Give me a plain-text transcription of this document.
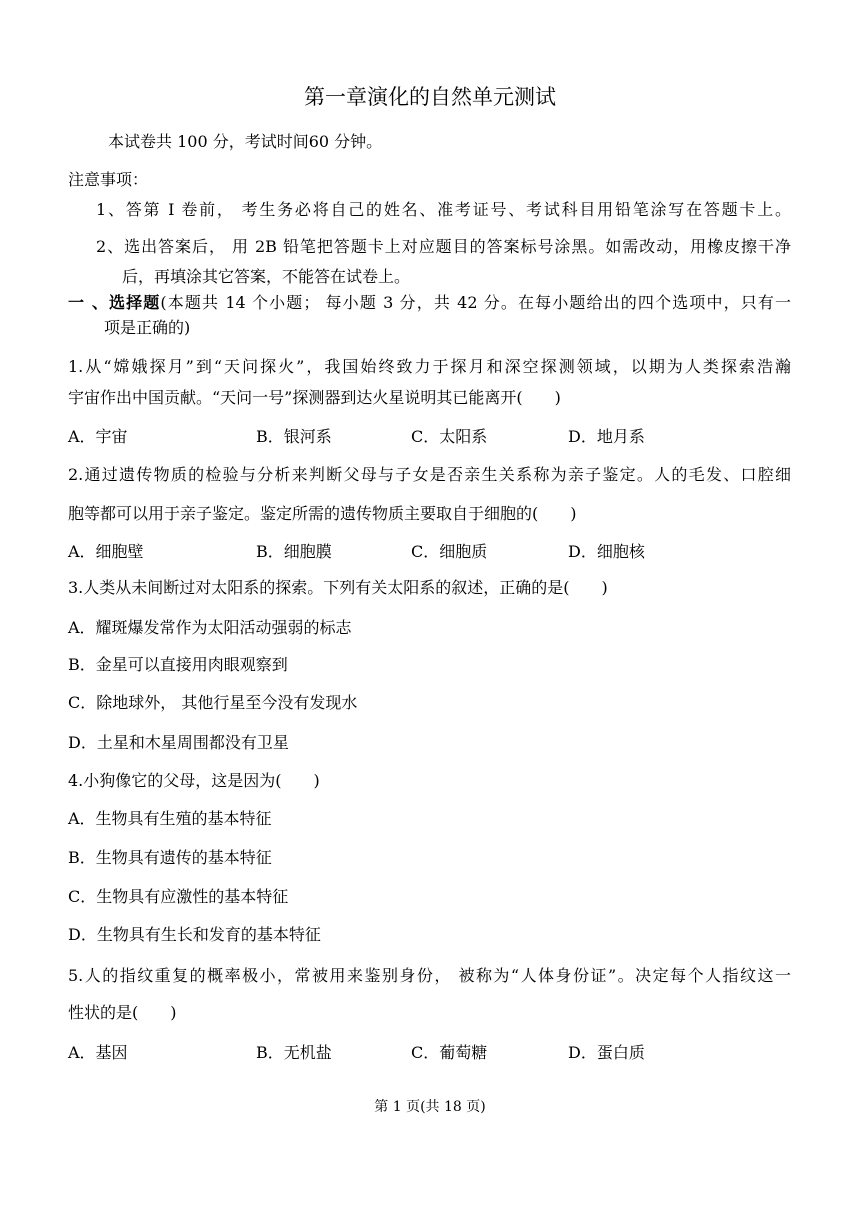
第一章演化的自然单元测试
本试卷共 100 分，考试时间60 分钟。
注意事项：
1、答第 I 卷前， 考生务必将自己的姓名、准考证号、考试科目用铅笔涂写在答题卡上。
2、选出答案后， 用 2B 铅笔把答题卡上对应题目的答案标号涂黑。如需改动，用橡皮擦干净
后，再填涂其它答案，不能答在试卷上。
一 、选择题(本题共 14 个小题； 每小题 3 分，共 42 分。在每小题给出的四个选项中，只有一
项是正确的)
1.从“嫦娥探月”到“天问探火”，我国始终致力于探月和深空探测领域，以期为人类探索浩瀚
宇宙作出中国贡献。“天问一号”探测器到达火星说明其已能离开(　　)
A．宇宙	B．银河系	C．太阳系	D．地月系
2.通过遗传物质的检验与分析来判断父母与子女是否亲生关系称为亲子鉴定。人的毛发、口腔细
胞等都可以用于亲子鉴定。鉴定所需的遗传物质主要取自于细胞的(　　)
A．细胞壁	B．细胞膜	C．细胞质	D．细胞核
3.人类从未间断过对太阳系的探索。下列有关太阳系的叙述，正确的是(　　)
A．耀斑爆发常作为太阳活动强弱的标志
B．金星可以直接用肉眼观察到
C．除地球外， 其他行星至今没有发现水
D．土星和木星周围都没有卫星
4.小狗像它的父母，这是因为(　　)
A．生物具有生殖的基本特征
B．生物具有遗传的基本特征
C．生物具有应激性的基本特征
D．生物具有生长和发育的基本特征
5.人的指纹重复的概率极小，常被用来鉴别身份， 被称为“人体身份证”。决定每个人指纹这一
性状的是(　　)
A．基因	B．无机盐	C．葡萄糖	D．蛋白质
第 1 页(共 18 页)
